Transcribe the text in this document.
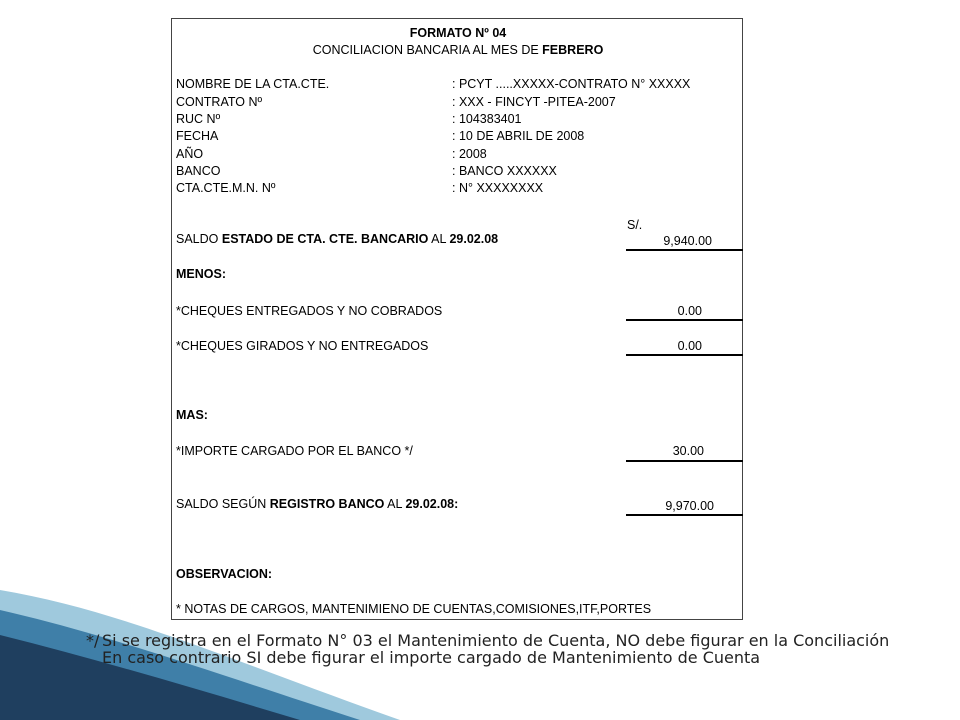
FORMATO Nº 04
CONCILIACION BANCARIA AL MES DE FEBRERO
NOMBRE DE LA CTA.CTE.	: PCYT .....XXXXX-CONTRATO N° XXXXX
CONTRATO Nº	: XXX - FINCYT -PITEA-2007
RUC Nº	: 104383401
FECHA	: 10 DE ABRIL DE 2008
AÑO	: 2008
BANCO	: BANCO XXXXXX
CTA.CTE.M.N. Nº	: N° XXXXXXXX
S/.
SALDO ESTADO DE CTA. CTE. BANCARIO AL 29.02.08	9,940.00
MENOS:
*CHEQUES ENTREGADOS Y NO COBRADOS	0.00
*CHEQUES GIRADOS Y NO ENTREGADOS	0.00
MAS:
*IMPORTE CARGADO POR EL BANCO */	30.00
SALDO SEGÚN REGISTRO BANCO AL 29.02.08:	9,970.00
OBSERVACION:
* NOTAS DE CARGOS, MANTENIMIENO DE CUENTAS,COMISIONES,ITF,PORTES
*/ Si se registra en el Formato N° 03 el Mantenimiento de Cuenta, NO debe figurar en la Conciliación En caso contrario SI debe figurar el importe cargado de Mantenimiento de Cuenta
